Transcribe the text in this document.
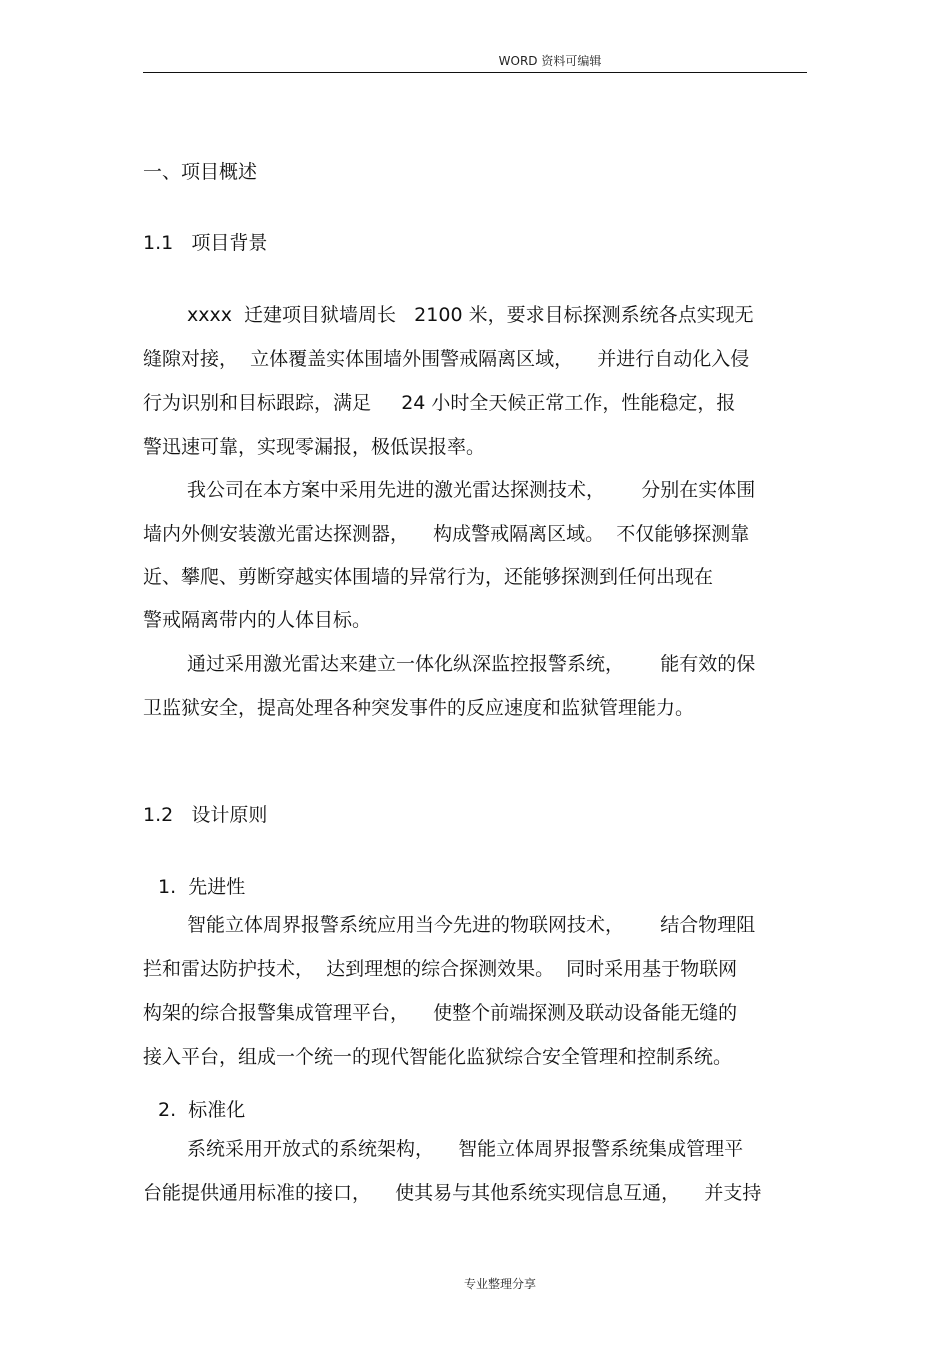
WORD 资料可编辑
一、项目概述
1.1   项目背景
xxxx  迁建项目狱墙周长   2100 米，要求目标探测系统各点实现无
缝隙对接，  立体覆盖实体围墙外围警戒隔离区域，    并进行自动化入侵
行为识别和目标跟踪，满足     24 小时全天候正常工作，性能稳定，报
警迅速可靠，实现零漏报，极低误报率。
我公司在本方案中采用先进的激光雷达探测技术，      分别在实体围
墙内外侧安装激光雷达探测器，    构成警戒隔离区域。  不仅能够探测靠
近、攀爬、剪断穿越实体围墙的异常行为，还能够探测到任何出现在
警戒隔离带内的人体目标。
通过采用激光雷达来建立一体化纵深监控报警系统，      能有效的保
卫监狱安全，提高处理各种突发事件的反应速度和监狱管理能力。
1.2   设计原则
1.  先进性
智能立体周界报警系统应用当今先进的物联网技术，      结合物理阻
拦和雷达防护技术，  达到理想的综合探测效果。  同时采用基于物联网
构架的综合报警集成管理平台，    使整个前端探测及联动设备能无缝的
接入平台，组成一个统一的现代智能化监狱综合安全管理和控制系统。
2.  标准化
系统采用开放式的系统架构，    智能立体周界报警系统集成管理平
台能提供通用标准的接口，    使其易与其他系统实现信息互通，    并支持
专业整理分享
